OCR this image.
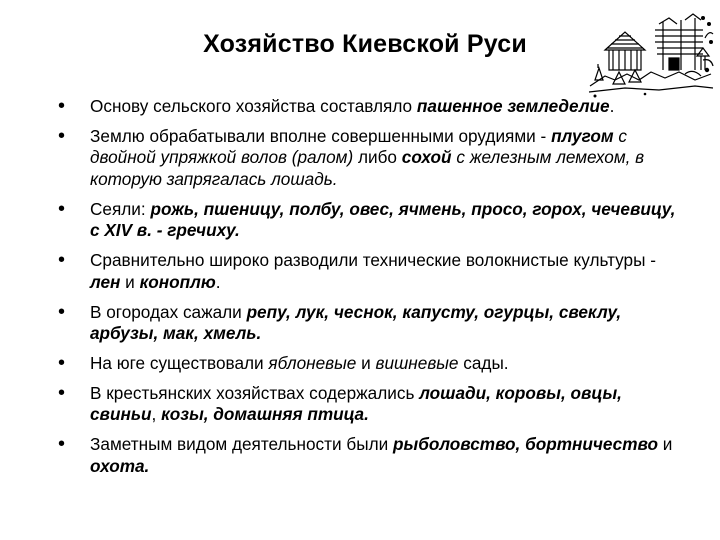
Хозяйство Киевской Руси
• Основу сельского хозяйства составляло пашенное земледелие.
• Землю обрабатывали вполне совершенными орудиями - плугом с двойной упряжкой волов (ралом) либо сохой с железным лемехом, в которую запрягалась лошадь.
• Сеяли: рожь, пшеницу, полбу, овес, ячмень, просо, горох, чечевицу, с XIV в. - гречиху.
• Сравнительно широко разводили технические волокнистые культуры - лен и коноплю.
• В огородах сажали репу, лук, чеснок, капусту, огурцы, свеклу, арбузы, мак, хмель.
• На юге существовали яблоневые и вишневые сады.
• В крестьянских хозяйствах содержались лошади, коровы, овцы, свиньи, козы, домашняя птица.
• Заметным видом деятельности были рыболовство, бортничество и охота.
